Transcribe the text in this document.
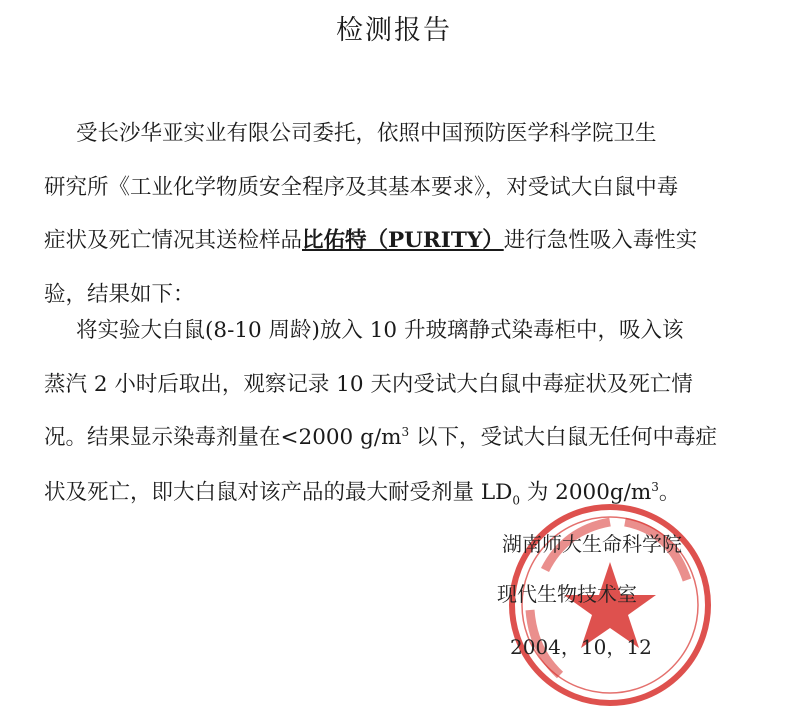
检测报告
受长沙华亚实业有限公司委托，依照中国预防医学科学院卫生
研究所《工业化学物质安全程序及其基本要求》，对受试大白鼠中毒
症状及死亡情况其送检样品比佑特（PURITY）进行急性吸入毒性实
验，结果如下：
将实验大白鼠(8-10 周龄)放入 10 升玻璃静式染毒柜中，吸入该
蒸汽 2 小时后取出，观察记录 10 天内受试大白鼠中毒症状及死亡情
况。结果显示染毒剂量在<2000 $g/m^3$ 以下，受试大白鼠无任何中毒症
状及死亡，即大白鼠对该产品的最大耐受剂量 $LD_0$ 为 $2000g/m^3$。
湖南师大生命科学院
现代生物技术室
2004，10，12
